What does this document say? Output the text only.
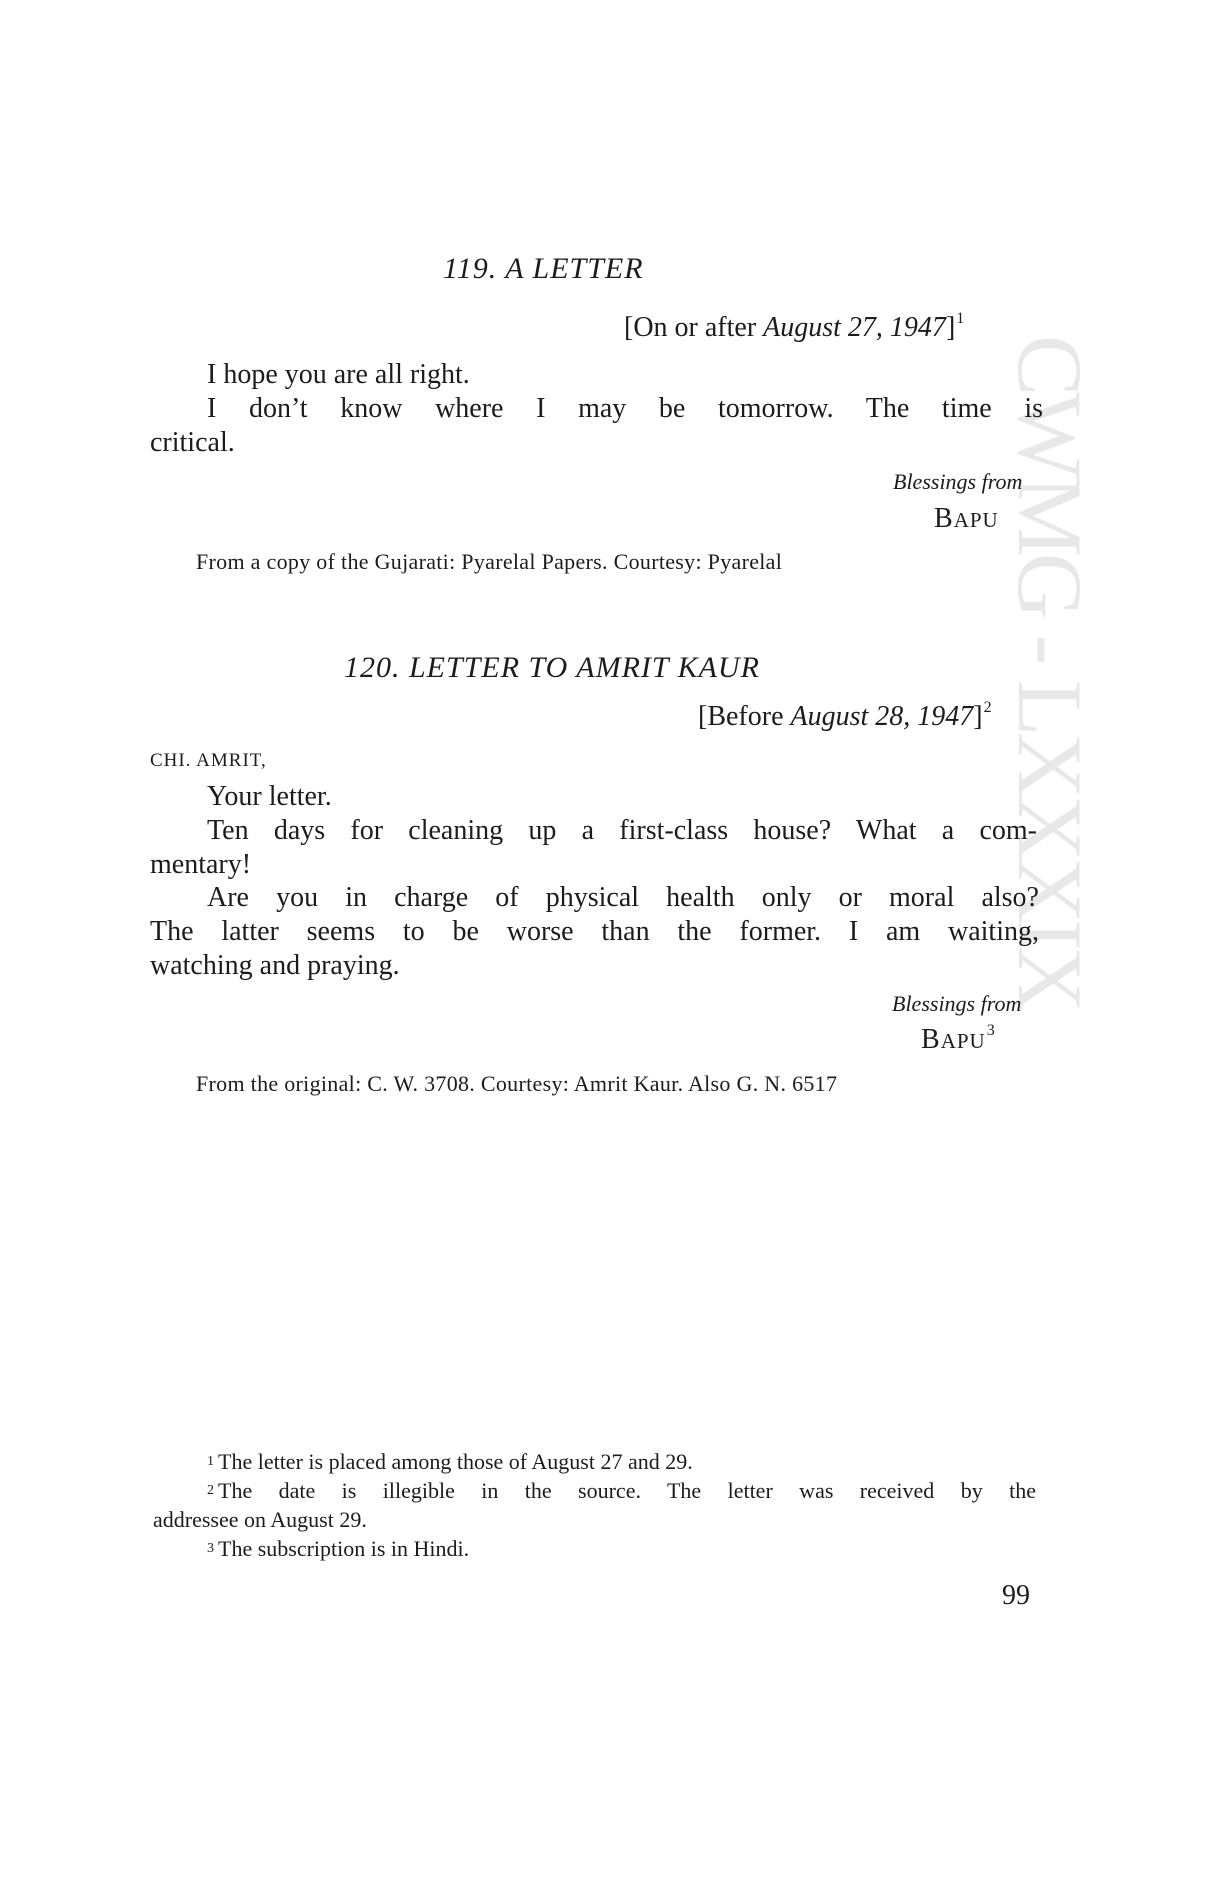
CWMG - LXXXIX
119. A LETTER
[On or after August 27, 1947]$^1$
I hope you are all right.
I don’t know where I may be tomorrow. The time is
critical.
Blessings from
BAPU
From a copy of the Gujarati: Pyarelal Papers. Courtesy: Pyarelal
120. LETTER TO AMRIT KAUR
[Before August 28, 1947]$^2$
CHI. AMRIT,
Your letter.
Ten days for cleaning up a first-class house? What a com-
mentary!
Are you in charge of physical health only or moral also?
The latter seems to be worse than the former. I am waiting,
watching and praying.
Blessings from
BAPU$^3$
From the original: C. W. 3708. Courtesy: Amrit Kaur. Also G. N. 6517
$^1$ The letter is placed among those of August 27 and 29.
$^2$ The date is illegible in the source. The letter was received by the
addressee on August 29.
$^3$ The subscription is in Hindi.
99
